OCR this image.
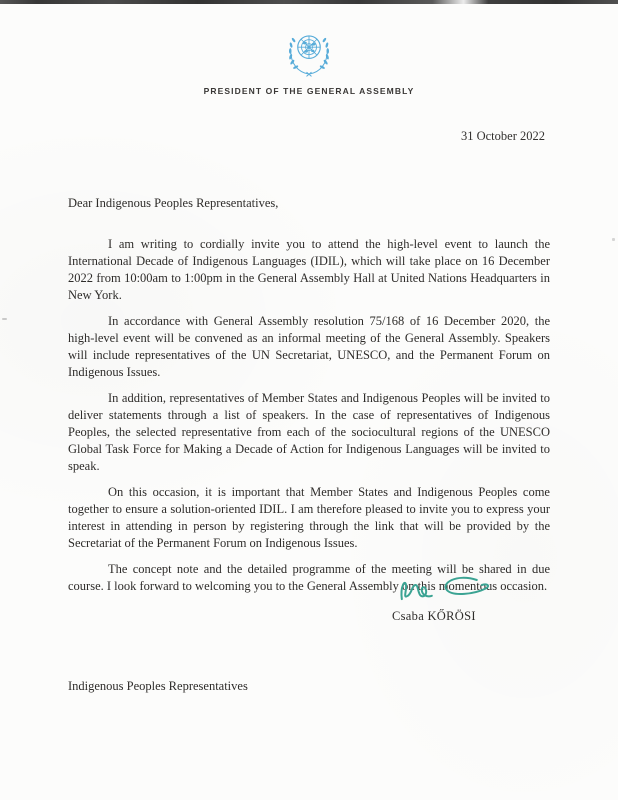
PRESIDENT OF THE GENERAL ASSEMBLY
31 October 2022
Dear Indigenous Peoples Representatives,

I am writing to cordially invite you to attend the high-level event to launch the International Decade of Indigenous Languages (IDIL), which will take place on 16 December 2022 from 10:00am to 1:00pm in the General Assembly Hall at United Nations Headquarters in New York.

In accordance with General Assembly resolution 75/168 of 16 December 2020, the high-level event will be convened as an informal meeting of the General Assembly. Speakers will include representatives of the UN Secretariat, UNESCO, and the Permanent Forum on Indigenous Issues.

In addition, representatives of Member States and Indigenous Peoples will be invited to deliver statements through a list of speakers. In the case of representatives of Indigenous Peoples, the selected representative from each of the sociocultural regions of the UNESCO Global Task Force for Making a Decade of Action for Indigenous Languages will be invited to speak.

On this occasion, it is important that Member States and Indigenous Peoples come together to ensure a solution-oriented IDIL. I am therefore pleased to invite you to express your interest in attending in person by registering through the link that will be provided by the Secretariat of the Permanent Forum on Indigenous Issues.

The concept note and the detailed programme of the meeting will be shared in due course. I look forward to welcoming you to the General Assembly on this momentous occasion.

Csaba KŐRÖSI
Indigenous Peoples Representatives
